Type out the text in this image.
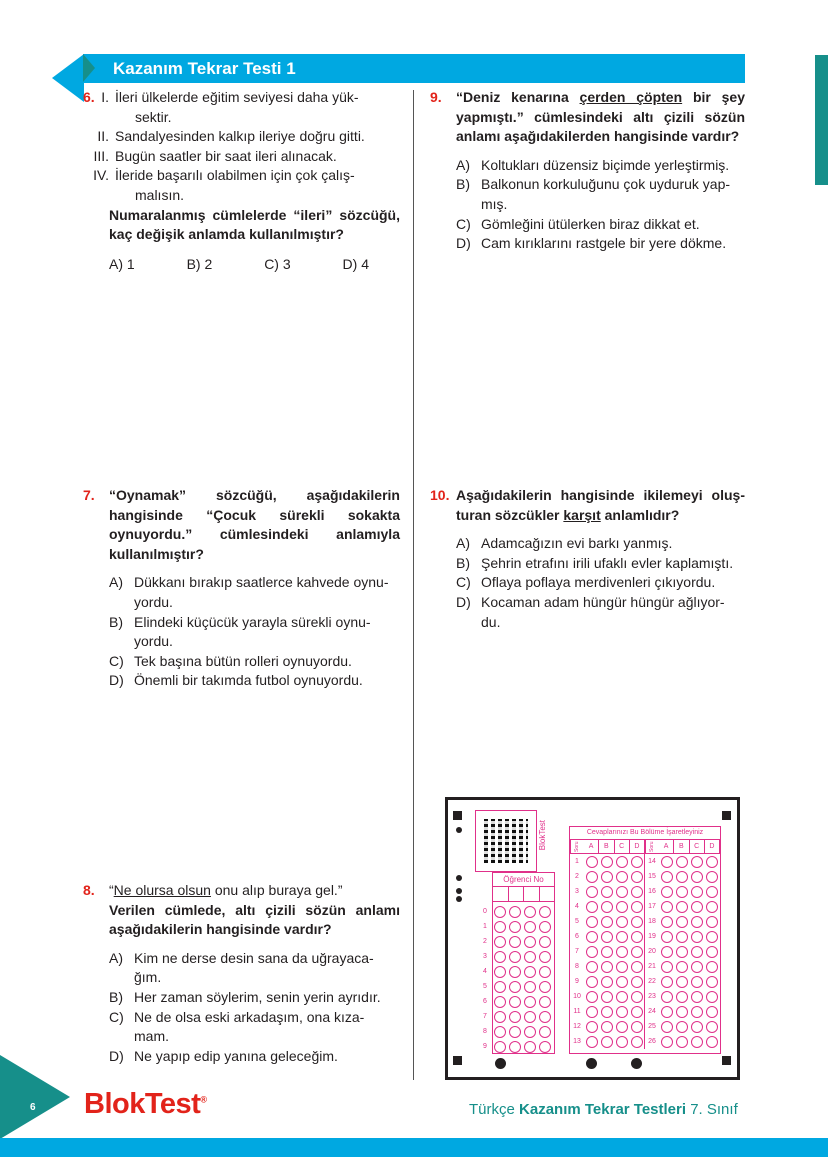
Kazanım Tekrar Testi 1
6. I. İleri ülkelerde eğitim seviyesi daha yük-
sektir.
II. Sandalyesinden kalkıp ileriye doğru gitti.
III. Bugün saatler bir saat ileri alınacak.
IV. İleride başarılı olabilmen için çok çalış-
malısın.
Numaralanmış cümlelerde “ileri” sözcüğü, kaç değişik anlamda kullanılmıştır?
A) 1	B) 2	C) 3	D) 4
7. “Oynamak” sözcüğü, aşağıdakilerin hangisinde “Çocuk sürekli sokakta oynuyordu.” cümlesindeki anlamıyla kullanılmıştır?
A) Dükkanı bırakıp saatlerce kahvede oynu-
yordu.
B) Elindeki küçücük yarayla sürekli oynu-
yordu.
C) Tek başına bütün rolleri oynuyordu.
D) Önemli bir takımda futbol oynuyordu.
8. “Ne olursa olsun onu alıp buraya gel.”
Verilen cümlede, altı çizili sözün anlamı aşağıdakilerin hangisinde vardır?
A) Kim ne derse desin sana da uğrayaca-
ğım.
B) Her zaman söylerim, senin yerin ayrıdır.
C) Ne de olsa eski arkadaşım, ona kıza-
mam.
D) Ne yapıp edip yanına geleceğim.
9. “Deniz kenarına çerden çöpten bir şey yapmıştı.” cümlesindeki altı çizili sözün anlamı aşağıdakilerden hangisinde vardır?
A) Koltukları düzensiz biçimde yerleştirmiş.
B) Balkonun korkuluğunu çok uyduruk yap-
mış.
C) Gömleğini ütülerken biraz dikkat et.
D) Cam kırıklarını rastgele bir yere dökme.
10. Aşağıdakilerin hangisinde ikilemeyi oluş-turan sözcükler karşıt anlamlıdır?
A) Adamcağızın evi barkı yanmış.
B) Şehrin etrafını irili ufaklı evler kaplamıştı.
C) Oflaya poflaya merdivenleri çıkıyordu.
D) Kocaman adam hüngür hüngür ağlıyor-
du.
BlokTest
Öğrenci No
0
1
2
3
4
5
6
7
8
9
Cevaplarınızı Bu Bölüme İşaretleyiniz
Soru	A	B	C	D	Soru	A	B	C	D
1
2
3
4
5
6
7
8
9
10
11
12
13
14
15
16
17
18
19
20
21
22
23
24
25
26
6 BlokTest®
Türkçe Kazanım Tekrar Testleri 7. Sınıf
